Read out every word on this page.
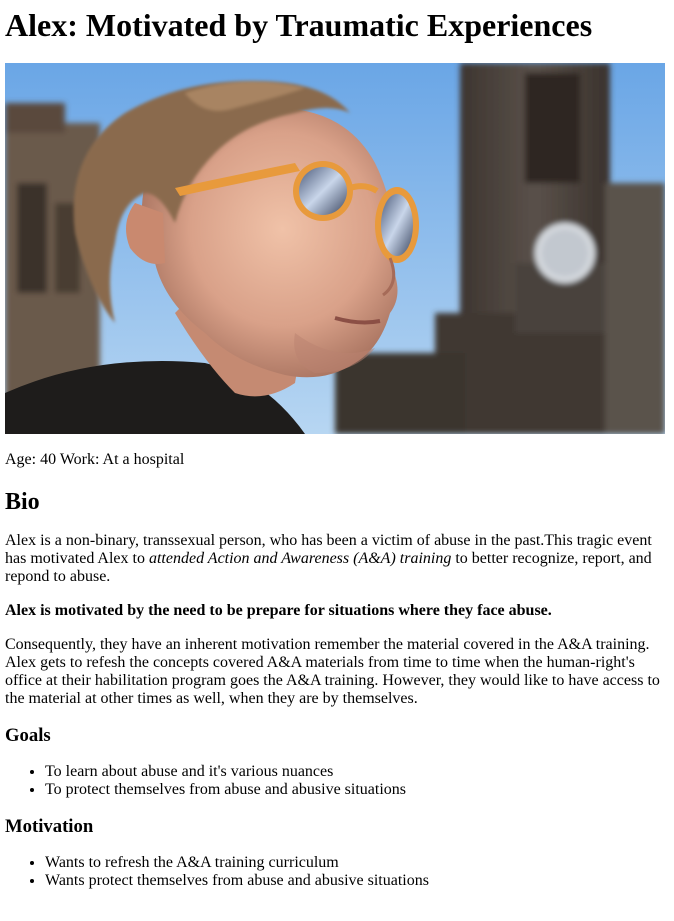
Alex: Motivated by Traumatic Experiences
Age: 40 Work: At a hospital
Bio

Alex is a non-binary, transsexual person, who has been a victim of abuse in the past.This tragic event has motivated Alex to attended Action and Awareness (A&A) training to better recognize, report, and repond to abuse.

Alex is motivated by the need to be prepare for situations where they face abuse.

Consequently, they have an inherent motivation remember the material covered in the A&A training. Alex gets to refesh the concepts covered A&A materials from time to time when the human-right's office at their habilitation program goes the A&A training. However, they would like to have access to the material at other times as well, when they are by themselves.

Goals
• To learn about abuse and it's various nuances
• To protect themselves from abuse and abusive situations
Motivation
• Wants to refresh the A&A training curriculum
• Wants protect themselves from abuse and abusive situations
